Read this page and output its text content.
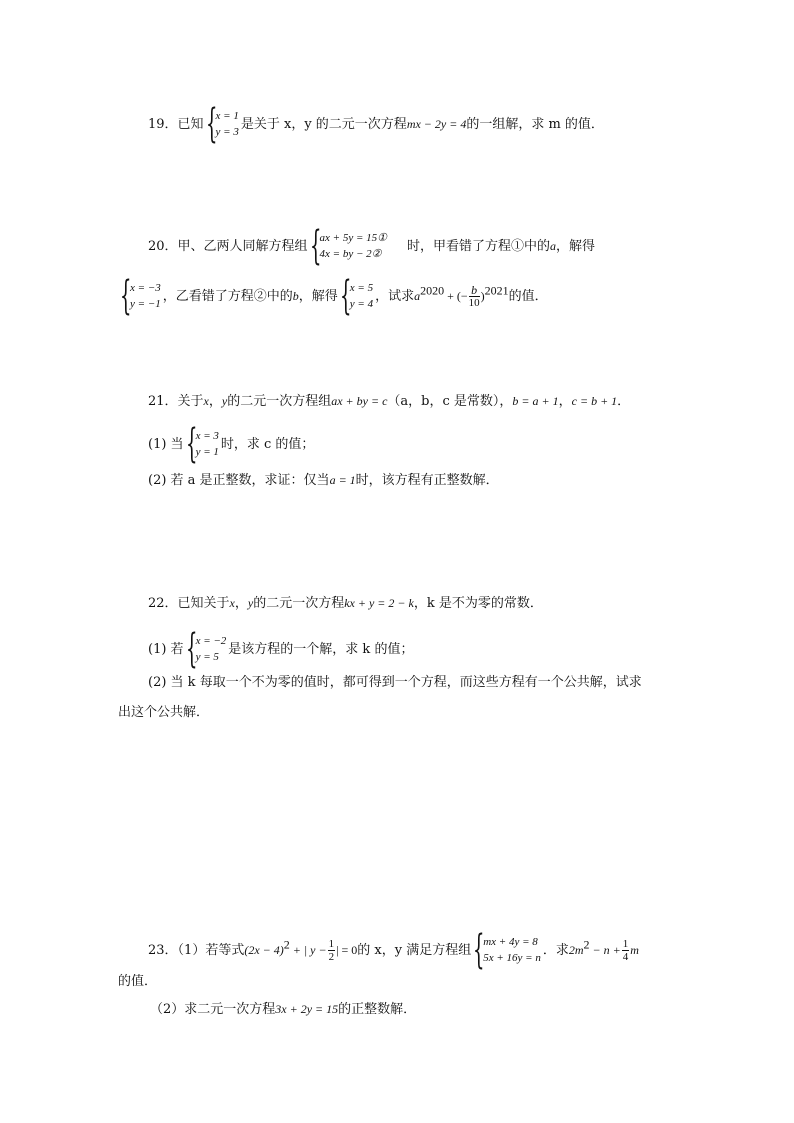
19．已知 {
x = 1
y = 3 是关于 x，y 的二元一次方程mx − 2y = 4的一组解，求 m 的值．
20．甲、乙两人同解方程组 {
ax + 5y = 15①
4x = by − 2②	时，甲看错了方程①中的a，解得
{
x = −3
y = −1 ，乙看错了方程②中的b，解得 {
x = 5
y = 4 ，试求$a^{2020}$ + (− $\frac{b}{10} )^{2021}$的值．
21．关于x，y的二元一次方程组ax + by = c（a，b，c 是常数），b = a + 1，c = b + 1．
(1) 当 {
x = 3
y = 1 时，求 c 的值；
(2) 若 a 是正整数，求证：仅当a = 1时，该方程有正整数解．
22．已知关于x，y的二元一次方程kx + y = 2 − k，k 是不为零的常数．
(1) 若 {
x = −2
y = 5 是该方程的一个解，求 k 的值；
(2) 当 k 每取一个不为零的值时，都可得到一个方程，而这些方程有一个公共解，试求
出这个公共解．
23．（1）若等式$(2x - 4)^2$ + | $y - \frac{1}{2}$ | = 0的 x，y 满足方程组 {
mx + 4y = 8
5x + 16y = n ．求$2m^2 - n + \frac{1}{4}$ m
的值．
（2）求二元一次方程3x + 2y = 15的正整数解．
